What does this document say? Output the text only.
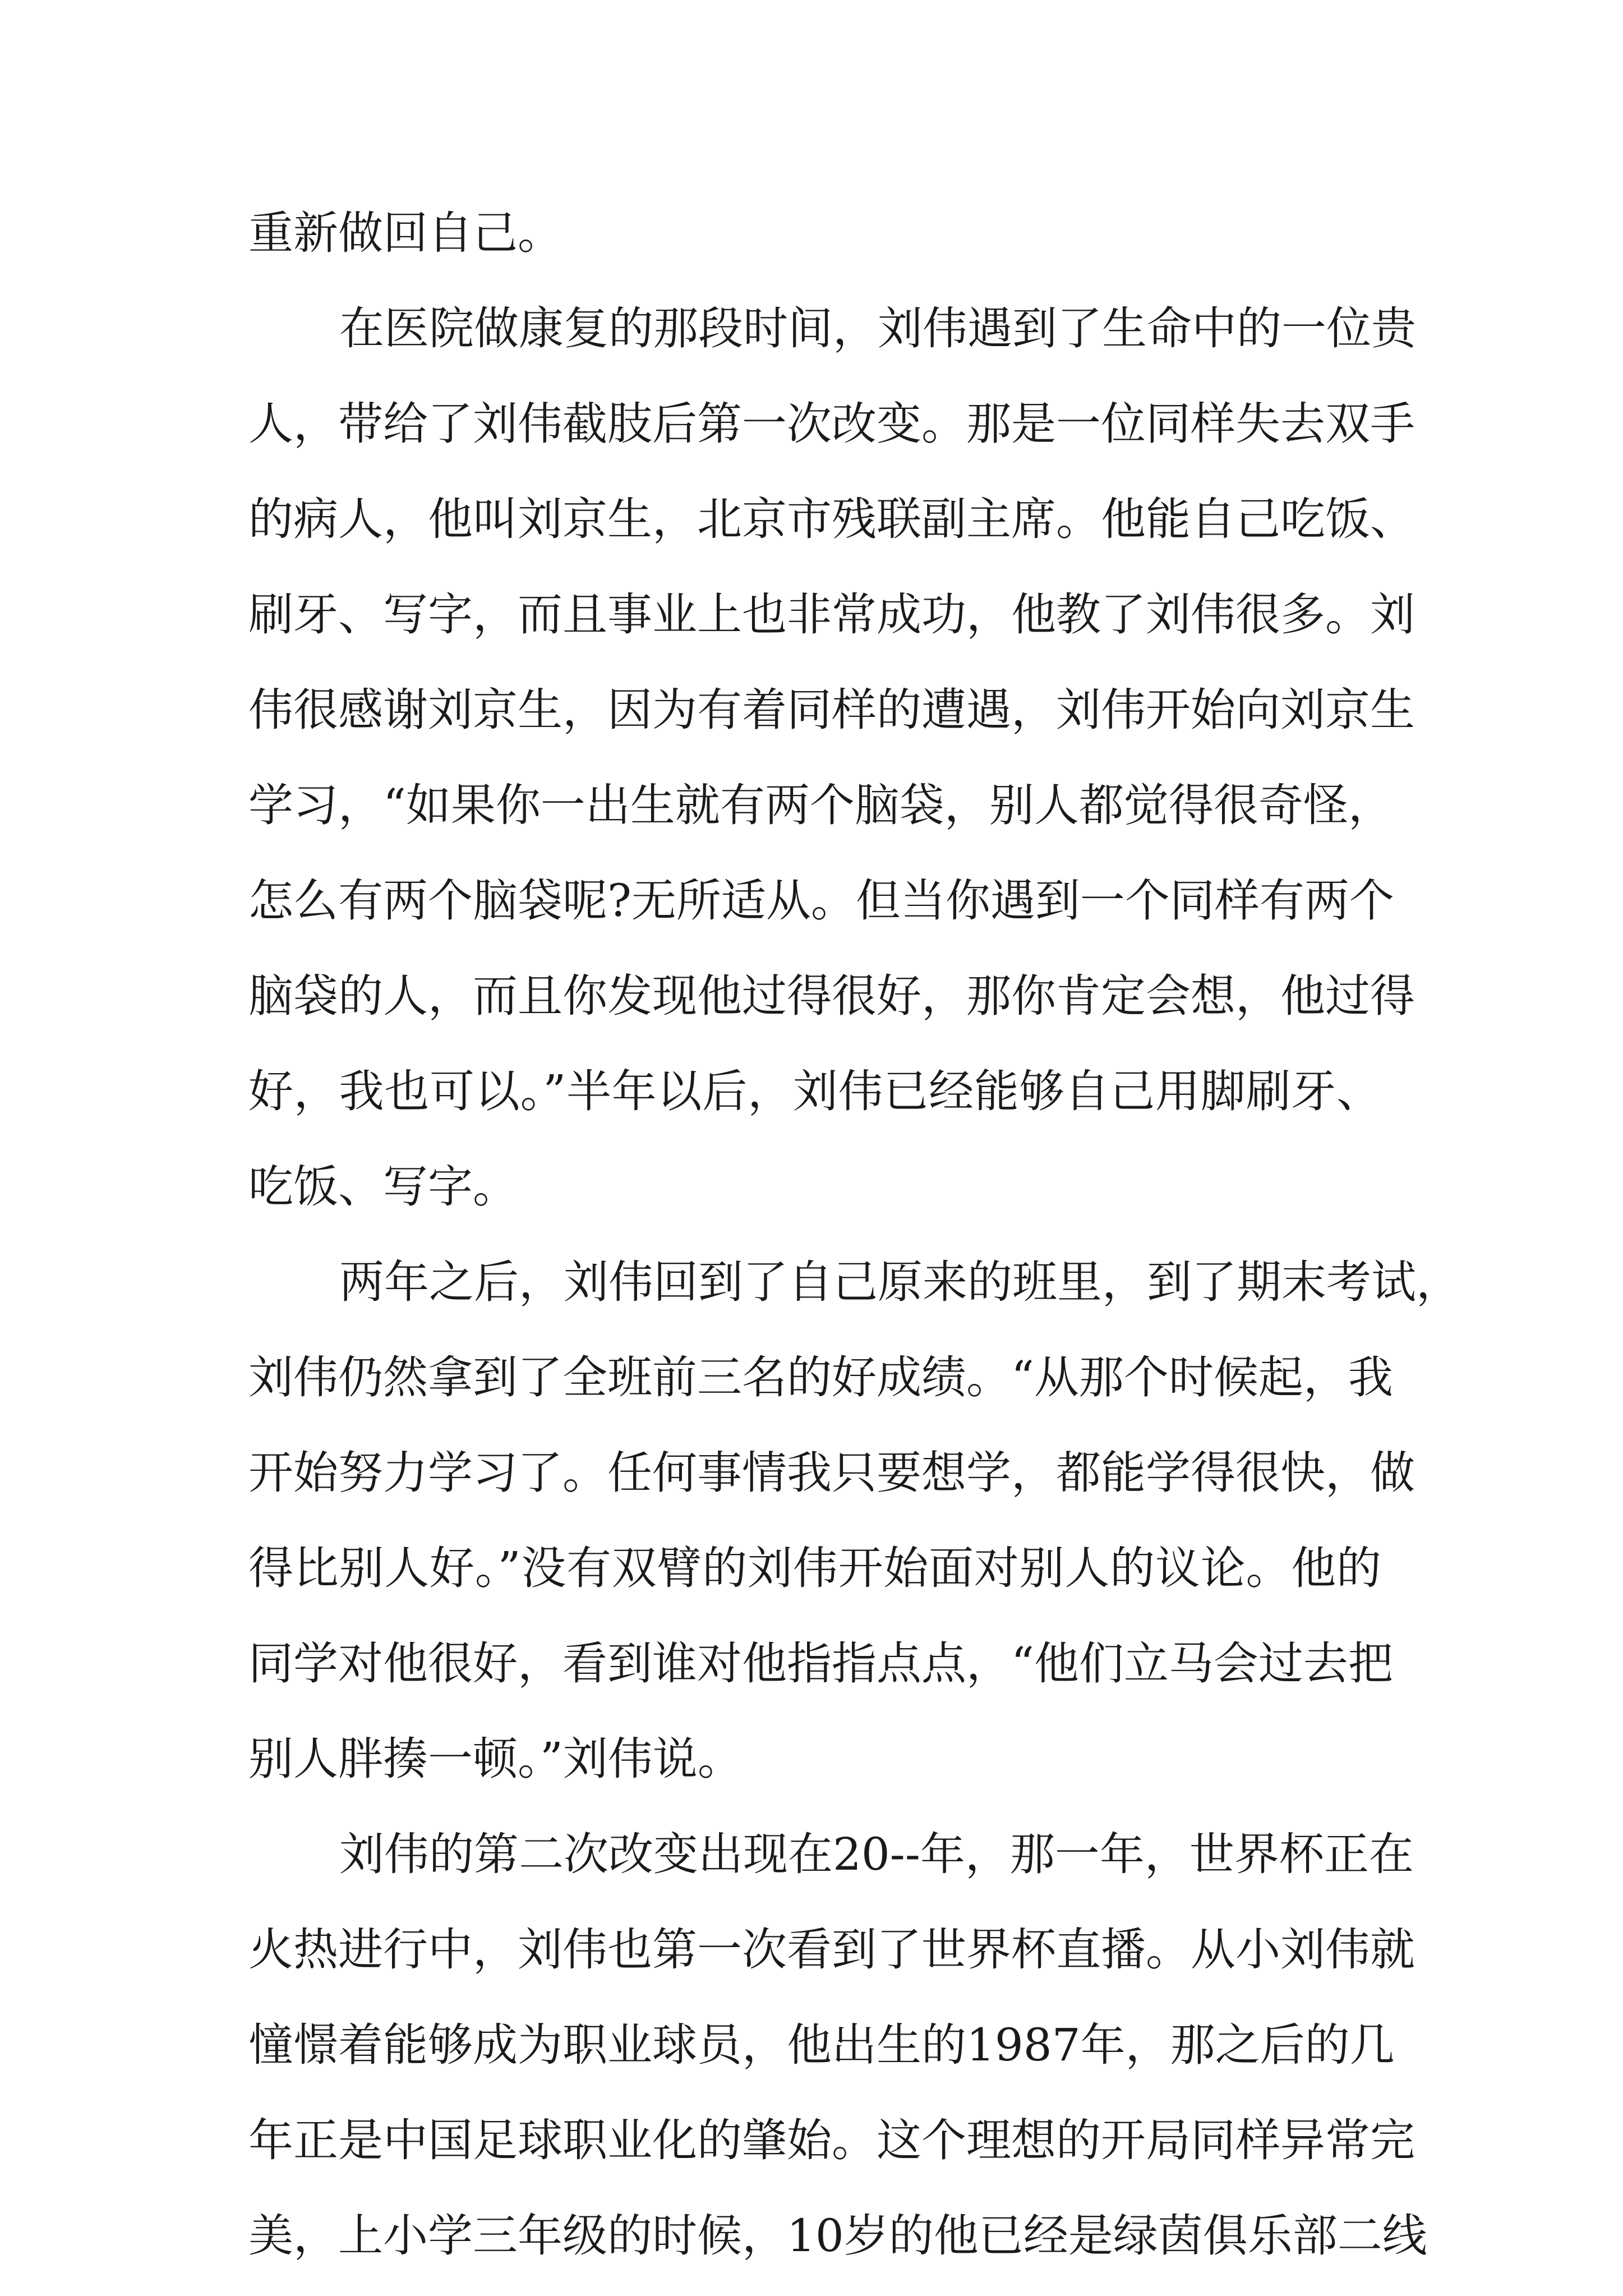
重新做回自己。
在医院做康复的那段时间，刘伟遇到了生命中的一位贵
人，带给了刘伟截肢后第一次改变。那是一位同样失去双手
的病人，他叫刘京生，北京市残联副主席。他能自己吃饭、
刷牙、写字，而且事业上也非常成功，他教了刘伟很多。刘
伟很感谢刘京生，因为有着同样的遭遇，刘伟开始向刘京生
学习，“如果你一出生就有两个脑袋，别人都觉得很奇怪，
怎么有两个脑袋呢?无所适从。但当你遇到一个同样有两个
脑袋的人，而且你发现他过得很好，那你肯定会想，他过得
好，我也可以。”半年以后，刘伟已经能够自己用脚刷牙、
吃饭、写字。
两年之后，刘伟回到了自己原来的班里，到了期末考试，
刘伟仍然拿到了全班前三名的好成绩。“从那个时候起，我
开始努力学习了。任何事情我只要想学，都能学得很快，做
得比别人好。”没有双臂的刘伟开始面对别人的议论。他的
同学对他很好，看到谁对他指指点点，“他们立马会过去把
别人胖揍一顿。”刘伟说。
刘伟的第二次改变出现在20--年，那一年，世界杯正在
火热进行中，刘伟也第一次看到了世界杯直播。从小刘伟就
憧憬着能够成为职业球员，他出生的1987年，那之后的几
年正是中国足球职业化的肇始。这个理想的开局同样异常完
美，上小学三年级的时候，10岁的他已经是绿茵俱乐部二线
